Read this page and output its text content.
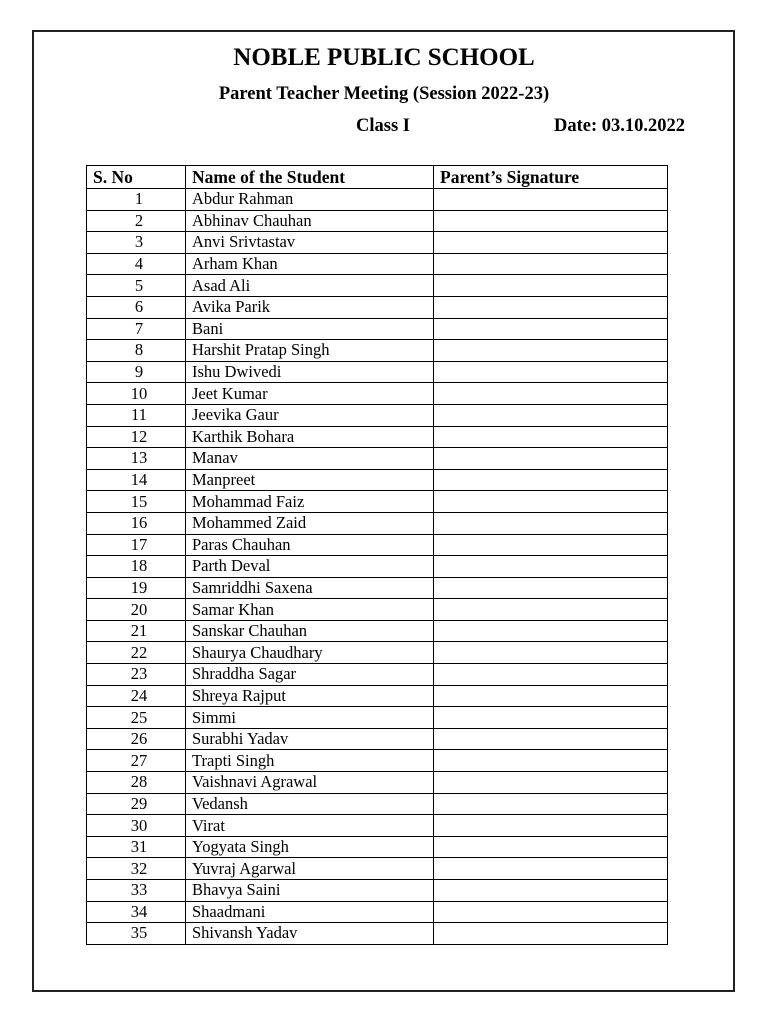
NOBLE PUBLIC SCHOOL
Parent Teacher Meeting (Session 2022-23)
Class I	Date: 03.10.2022
S. No	Name of the Student	Parent’s Signature
1	Abdur Rahman	
2	Abhinav Chauhan	
3	Anvi Srivtastav	
4	Arham Khan	
5	Asad Ali	
6	Avika Parik	
7	Bani	
8	Harshit Pratap Singh	
9	Ishu Dwivedi	
10	Jeet Kumar	
11	Jeevika Gaur	
12	Karthik Bohara	
13	Manav	
14	Manpreet	
15	Mohammad Faiz	
16	Mohammed Zaid	
17	Paras Chauhan	
18	Parth Deval	
19	Samriddhi Saxena	
20	Samar Khan	
21	Sanskar Chauhan	
22	Shaurya Chaudhary	
23	Shraddha Sagar	
24	Shreya Rajput	
25	Simmi	
26	Surabhi Yadav	
27	Trapti Singh	
28	Vaishnavi Agrawal	
29	Vedansh	
30	Virat	
31	Yogyata Singh	
32	Yuvraj Agarwal	
33	Bhavya Saini	
34	Shaadmani	
35	Shivansh Yadav	
